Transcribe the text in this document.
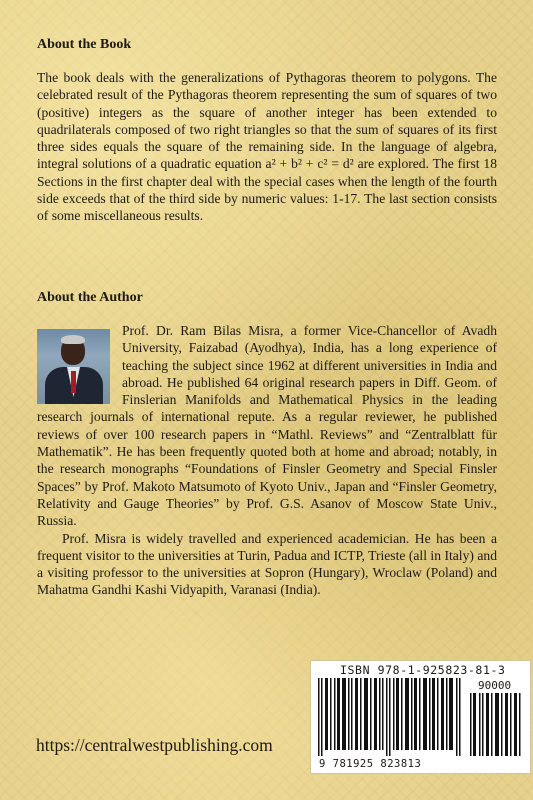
About the Book

The book deals with the generalizations of Pythagoras theorem to polygons. The celebrated result of the Pythagoras theorem representing the sum of squares of two (positive) integers as the square of another integer has been extended to quadrilaterals composed of two right triangles so that the sum of squares of its first three sides equals the square of the remaining side. In the language of algebra, integral solutions of a quadratic equation a² + b² + c² = d² are explored. The first 18 Sections in the first chapter deal with the special cases when the length of the fourth side exceeds that of the third side by numeric values: 1-17. The last section consists of some miscellaneous results.

About the Author

Prof. Dr. Ram Bilas Misra, a former Vice-Chancellor of Avadh University, Faizabad (Ayodhya), India, has a long experience of teaching the subject since 1962 at different universities in India and abroad. He published 64 original research papers in Diff. Geom. of Finslerian Manifolds and Mathematical Physics in the leading research journals of international repute. As a regular reviewer, he published reviews of over 100 research papers in “Mathl. Reviews” and “Zentralblatt für Mathematik”. He has been frequently quoted both at home and abroad; notably, in the research monographs “Foundations of Finsler Geometry and Special Finsler Spaces” by Prof. Makoto Matsumoto of Kyoto Univ., Japan and “Finsler Geometry, Relativity and Gauge Theories” by Prof. G.S. Asanov of Moscow State Univ., Russia.

Prof. Misra is widely travelled and experienced academician. He has been a frequent visitor to the universities at Turin, Padua and ICTP, Trieste (all in Italy) and a visiting professor to the universities at Sopron (Hungary), Wroclaw (Poland) and Mahatma Gandhi Kashi Vidyapith, Varanasi (India).

ISBN 978-1-925823-81-3
90000
9 781925 823813
https://centralwestpublishing.com
